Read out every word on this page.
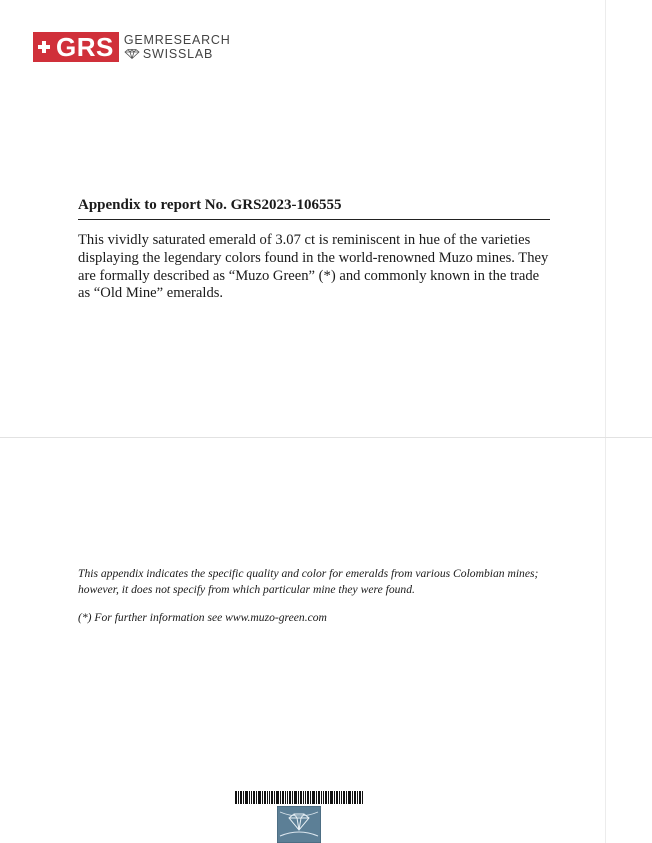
GRS GEMRESEARCH
SWISSLAB
Appendix to report No. GRS2023-106555
This vividly saturated emerald of 3.07 ct is reminiscent in hue of the varieties displaying the legendary colors found in the world-renowned Muzo mines. They are formally described as “Muzo Green” (*) and commonly known in the trade as “Old Mine” emeralds.
This appendix indicates the specific quality and color for emeralds from various Colombian mines; however, it does not specify from which particular mine they were found.
(*) For further information see www.muzo-green.com
